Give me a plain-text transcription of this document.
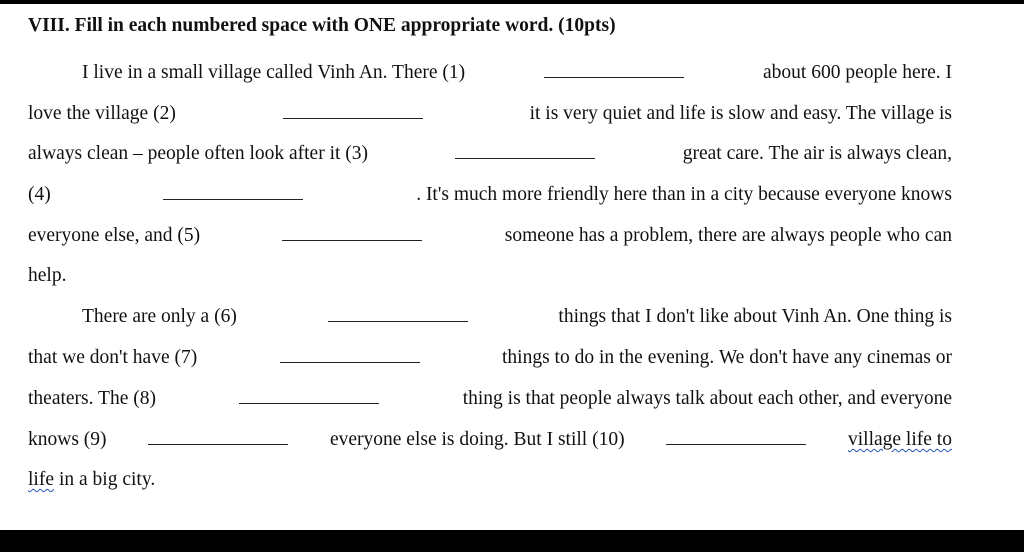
VIII. Fill in each numbered space with ONE appropriate word. (10pts)
I live in a small village called Vinh An. There (1)	about 600 people here. I
love the village (2)	it is very quiet and life is slow and easy. The village is
always clean – people often look after it (3)	great care. The air is always clean,
(4)	. It's much more friendly here than in a city because everyone knows
everyone else, and (5)	someone has a problem, there are always people who can
help.
There are only a (6)	things that I don't like about Vinh An. One thing is
that we don't have (7)	things to do in the evening. We don't have any cinemas or
theaters. The (8)	thing is that people always talk about each other, and everyone
knows (9)	everyone else is doing. But I still (10)	village life to
life in a big city.
